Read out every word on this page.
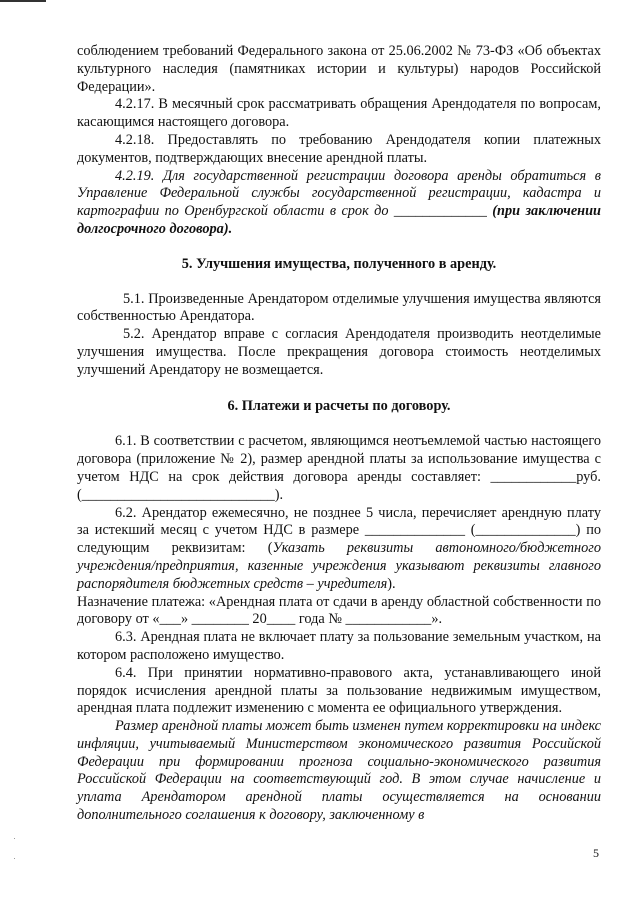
соблюдением требований Федерального закона от 25.06.2002 № 73-ФЗ «Об объектах культурного наследия (памятниках истории и культуры) народов Российской Федерации».

4.2.17. В месячный срок рассматривать обращения Арендодателя по вопросам, касающимся настоящего договора.

4.2.18. Предоставлять по требованию Арендодателя копии платежных документов, подтверждающих внесение арендной платы.

4.2.19. Для государственной регистрации договора аренды обратиться в Управление Федеральной службы государственной регистрации, кадастра и картографии по Оренбургской области в срок до _____________ (при заключении долгосрочного договора).

5. Улучшения имущества, полученного в аренду.

5.1. Произведенные Арендатором отделимые улучшения имущества являются собственностью Арендатора.

5.2. Арендатор вправе с согласия Арендодателя производить неотделимые улучшения имущества. После прекращения договора стоимость неотделимых улучшений Арендатору не возмещается.

6. Платежи и расчеты по договору.

6.1. В соответствии с расчетом, являющимся неотъемлемой частью настоящего договора (приложение № 2), размер арендной платы за использование имущества с учетом НДС на срок действия договора аренды составляет: ____________руб. (___________________________).

6.2. Арендатор ежемесячно, не позднее 5 числа, перечисляет арендную плату за истекший месяц с учетом НДС в размере ______________ (______________) по следующим реквизитам: (Указать реквизиты автономного/бюджетного учреждения/предприятия, казенные учреждения указывают реквизиты главного распорядителя бюджетных средств – учредителя).

Назначение платежа: «Арендная плата от сдачи в аренду областной собственности по договору от «___» ________ 20____ года № ____________».

6.3. Арендная плата не включает плату за пользование земельным участком, на котором расположено имущество.

6.4. При принятии нормативно-правового акта, устанавливающего иной порядок исчисления арендной платы за пользование недвижимым имуществом, арендная плата подлежит изменению с момента ее официального утверждения.

Размер арендной платы может быть изменен путем корректировки на индекс инфляции, учитываемый Министерством экономического развития Российской Федерации при формировании прогноза социально-экономического развития Российской Федерации на соответствующий год. В этом случае начисление и уплата Арендатором арендной платы осуществляется на основании дополнительного соглашения к договору, заключенному в

5
